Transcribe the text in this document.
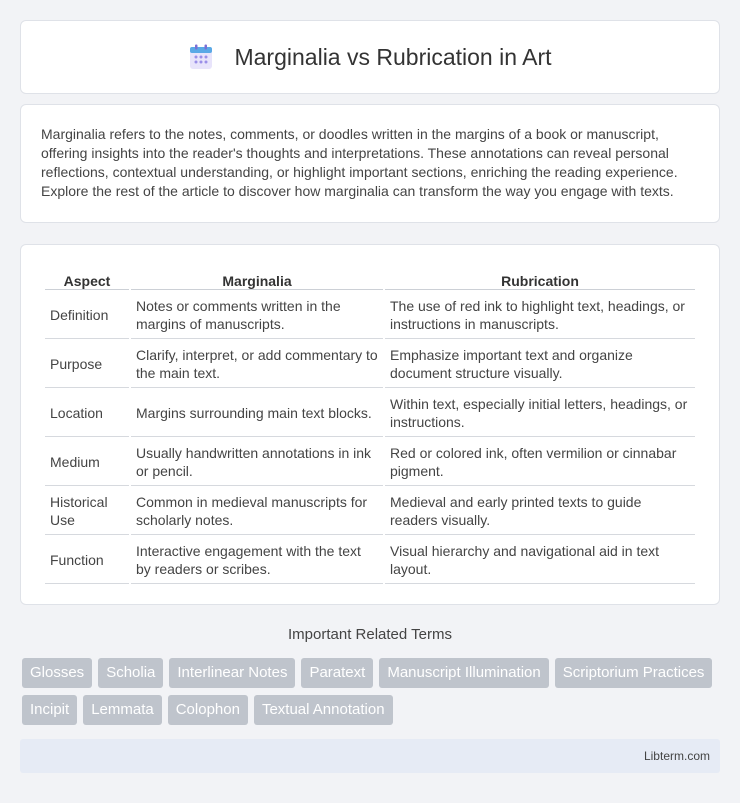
Marginalia vs Rubrication in Art

Marginalia refers to the notes, comments, or doodles written in the margins of a book or manuscript, offering insights into the reader's thoughts and interpretations. These annotations can reveal personal reflections, contextual understanding, or highlight important sections, enriching the reading experience. Explore the rest of the article to discover how marginalia can transform the way you engage with texts.

Aspect	Marginalia	Rubrication
Definition	Notes or comments written in the margins of manuscripts.	The use of red ink to highlight text, headings, or instructions in manuscripts.
Purpose	Clarify, interpret, or add commentary to the main text.	Emphasize important text and organize document structure visually.
Location	Margins surrounding main text blocks.	Within text, especially initial letters, headings, or instructions.
Medium	Usually handwritten annotations in ink or pencil.	Red or colored ink, often vermilion or cinnabar pigment.
Historical Use	Common in medieval manuscripts for scholarly notes.	Medieval and early printed texts to guide readers visually.
Function	Interactive engagement with the text by readers or scribes.	Visual hierarchy and navigational aid in text layout.
Important Related Terms
Glosses	Scholia	Interlinear Notes	Paratext	Manuscript Illumination	Scriptorium Practices
Incipit	Lemmata	Colophon	Textual Annotation
Libterm.com
